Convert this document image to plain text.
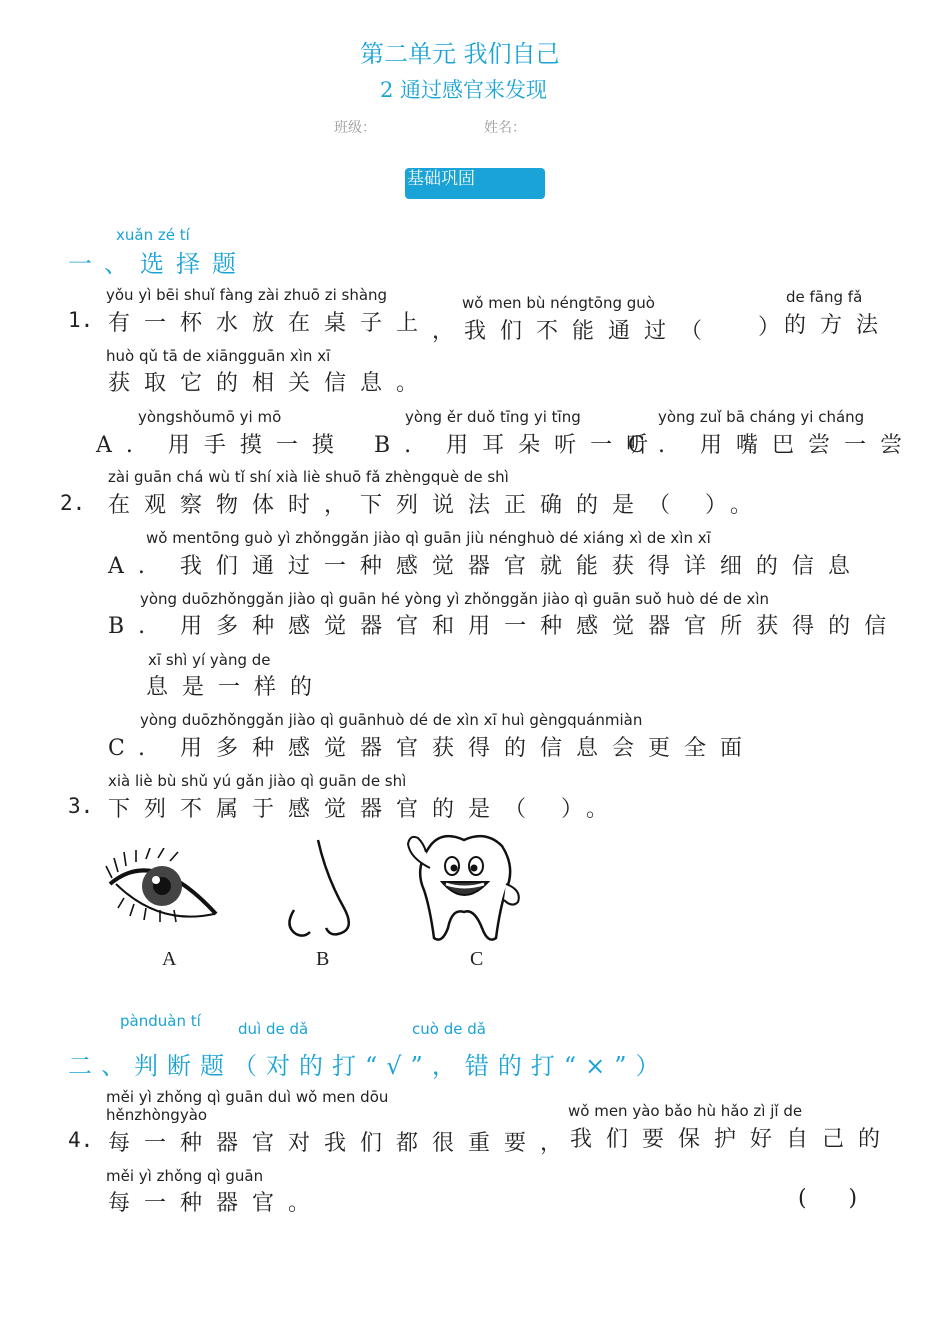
第二单元 我们自己
2 通过感官来发现
班级：	姓名：
基础巩固
xuǎn zé tí
一、选择题
yǒu yì bēi shuǐ fàng zài zhuō zi shàng
1. 有一杯水放在桌子上 ，
wǒ men bù néngtōng guò
我们不能通过（ ）
de fāng fǎ
的方法
huò qǔ tā de xiāngguān xìn xī
获取它的相关信息。
yòngshǒumō yi mō
A. 用手摸一摸
yòng ěr duǒ tīng yi tīng
B. 用耳朵听一听
yòng zuǐ bā cháng yi cháng
C. 用嘴巴尝一尝
zài guān chá wù tǐ shí xià liè shuō fǎ zhèngquè de shì
2. 在观察物体时，下列说法正确的是（ ）。
wǒ mentōng guò yì zhǒnggǎn jiào qì guān jiù nénghuò dé xiáng xì de xìn xī
A. 我们通过一种感觉器官就能获得详细的信息
yòng duōzhǒnggǎn jiào qì guān hé yòng yì zhǒnggǎn jiào qì guān suǒ huò dé de xìn
B. 用多种感觉器官和用一种感觉器官所获得的信
xī shì yí yàng de
息是一样的
yòng duōzhǒnggǎn jiào qì guānhuò dé de xìn xī huì gèngquánmiàn
C. 用多种感觉器官获得的信息会更全面
xià liè bù shǔ yú gǎn jiào qì guān de shì
3. 下列不属于感觉器官的是（ ）。
A	B	C
pànduàn tí duì de dǎ	cuò de dǎ
二、判断题（对的打“√”，错的打“×”）
měi yì zhǒng qì guān duì wǒ men dōu
hěnzhòngyào	wǒ men yào bǎo hù hǎo zì jǐ de
4. 每一种器官对我们都很重要，
我们要保护好自己的
měi yì zhǒng qì guān
每一种器官。	(      )
